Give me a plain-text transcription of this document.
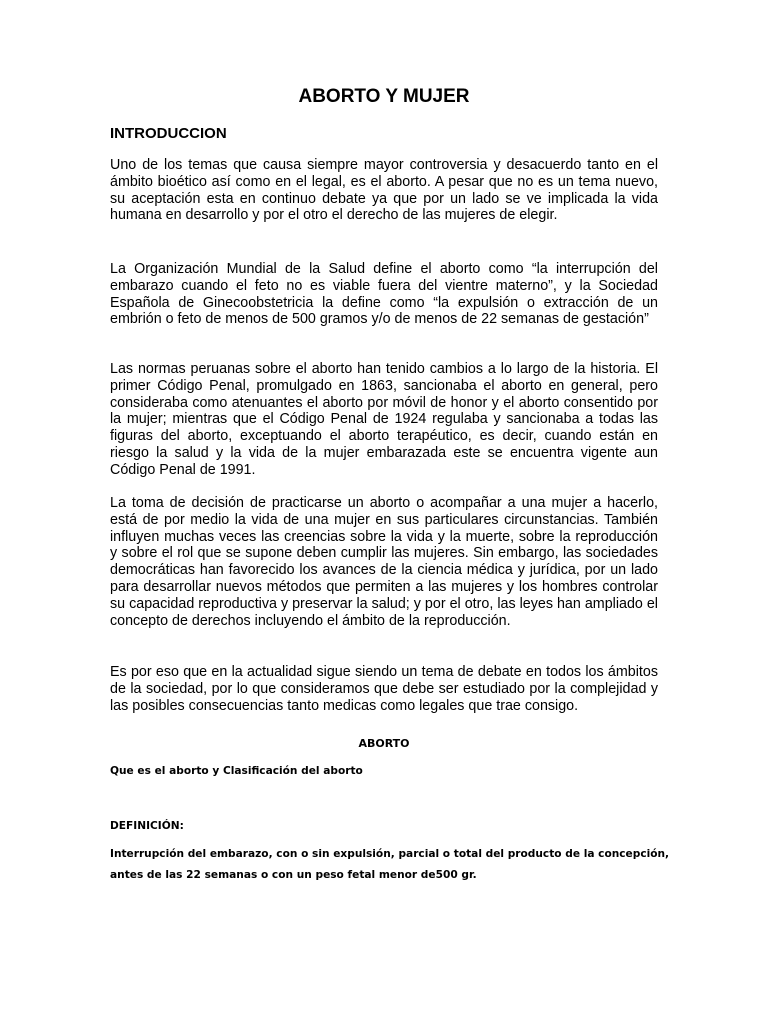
ABORTO Y MUJER
INTRODUCCION

Uno de los temas que causa siempre mayor controversia y desacuerdo tanto en el ámbito bioético así como en el legal, es el aborto. A pesar que no es un tema nuevo, su aceptación esta en continuo debate ya que por un lado se ve implicada la vida humana en desarrollo y por el otro el derecho de las mujeres de elegir.

La Organización Mundial de la Salud define el aborto como “la interrupción del embarazo cuando el feto no es viable fuera del vientre materno”, y la Sociedad Española de Ginecoobstetricia la define como “la expulsión o extracción de un embrión o feto de menos de 500 gramos y/o de menos de 22 semanas de gestación”

Las normas peruanas sobre el aborto han tenido cambios a lo largo de la historia. El primer Código Penal, promulgado en 1863, sancionaba el aborto en general, pero consideraba como atenuantes el aborto por móvil de honor y el aborto consentido por la mujer; mientras que el Código Penal de 1924 regulaba y sancionaba a todas las figuras del aborto, exceptuando el aborto terapéutico, es decir, cuando están en riesgo la salud y la vida de la mujer embarazada este se encuentra vigente aun Código Penal de 1991.

La toma de decisión de practicarse un aborto o acompañar a una mujer a hacerlo, está de por medio la vida de una mujer en sus particulares circunstancias. También influyen muchas veces las creencias sobre la vida y la muerte, sobre la reproducción y sobre el rol que se supone deben cumplir las mujeres. Sin embargo, las sociedades democráticas han favorecido los avances de la ciencia médica y jurídica, por un lado para desarrollar nuevos métodos que permiten a las mujeres y los hombres controlar su capacidad reproductiva y preservar la salud; y por el otro, las leyes han ampliado el concepto de derechos incluyendo el ámbito de la reproducción.

Es por eso que en la actualidad sigue siendo un tema de debate en todos los ámbitos de la sociedad, por lo que consideramos que debe ser estudiado por la complejidad y las posibles consecuencias tanto medicas como legales que trae consigo.

ABORTO

Que es el aborto y Clasificación del aborto

DEFINICIÓN:

Interrupción del embarazo, con o sin expulsión, parcial o total del producto de la concepción, antes de las 22 semanas o con un peso fetal menor de500 gr.
